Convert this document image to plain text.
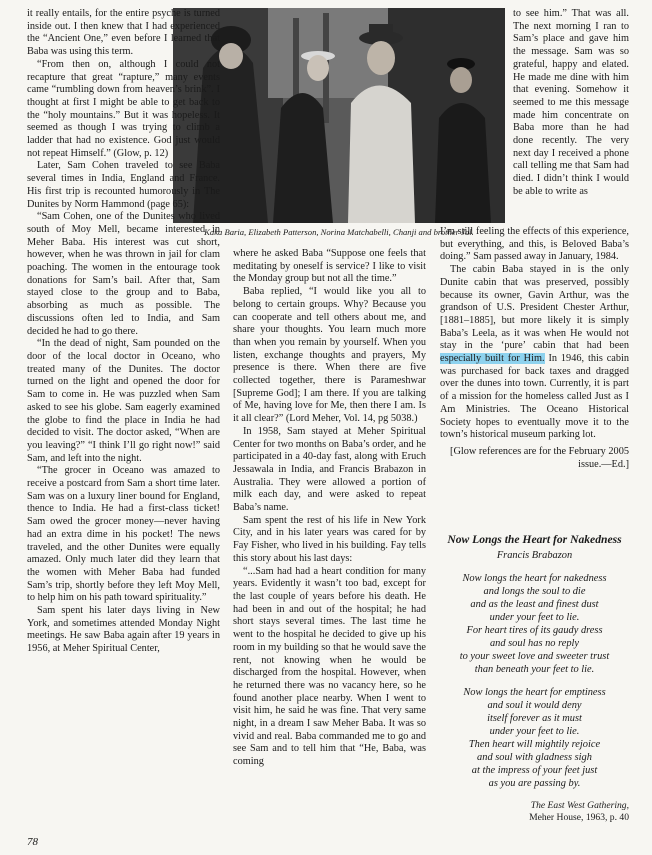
Kaka Baria, Elizabeth Patterson, Norina Matchabelli, Chanji and brother Jal.

it really entails, for the entire psyche is turned inside out. I then knew that I had experienced the “Ancient One,” even before I learned that Baba was using this term.

“From then on, although I could not recapture that great “rapture,” many events came “rumbling down from heaven’s brink”. I thought at first I might be able to get back to the “holy mountains.” But it was hopeless. It seemed as though I was trying to climb a ladder that had no existence. God just would not repeat Himself.” (Glow, p. 12)

Later, Sam Cohen traveled to see Baba several times in India, England and France. His first trip is recounted humorously in The Dunites by Norm Hammond (page 65):

“Sam Cohen, one of the Dunites who lived south of Moy Mell, became interested in Meher Baba. His interest was cut short, however, when he was thrown in jail for clam poaching. The women in the entourage took donations for Sam’s bail. After that, Sam stayed close to the group and to Baba, absorbing as much as possible. The discussions often led to India, and Sam decided he had to go there.

“In the dead of night, Sam pounded on the door of the local doctor in Oceano, who treated many of the Dunites. The doctor turned on the light and opened the door for Sam to come in. He was puzzled when Sam asked to see his globe. Sam eagerly examined the globe to find the place in India he had decided to visit. The doctor asked, “When are you leaving?” “I think I’ll go right now!” said Sam, and left into the night.

“The grocer in Oceano was amazed to receive a postcard from Sam a short time later. Sam was on a luxury liner bound for England, thence to India. He had a first-class ticket! Sam owed the grocer money—never having had an extra dime in his pocket! The news traveled, and the other Dunites were equally amazed. Only much later did they learn that the women with Meher Baba had funded Sam’s trip, shortly before they left Moy Mell, to help him on his path toward spirituality.”

Sam spent his later days living in New York, and sometimes attended Monday Night meetings. He saw Baba again after 19 years in 1956, at Meher Spiritual Center,

where he asked Baba “Suppose one feels that meditating by oneself is service? I like to visit the Monday group but not all the time.”

Baba replied, “I would like you all to belong to certain groups. Why? Because you can cooperate and tell others about me, and share your thoughts. You learn much more than when you remain by yourself. When you listen, exchange thoughts and prayers, My presence is there. When there are five collected together, there is Parameshwar [Supreme God]; I am there. If you are talking of Me, having love for Me, then there I am. Is it all clear?” (Lord Meher, Vol. 14, pg 5038.)

In 1958, Sam stayed at Meher Spiritual Center for two months on Baba’s order, and he participated in a 40-day fast, along with Eruch Jessawala in India, and Francis Brabazon in Australia. They were allowed a portion of milk each day, and were asked to repeat Baba’s name.

Sam spent the rest of his life in New York City, and in his later years was cared for by Fay Fisher, who lived in his building. Fay tells this story about his last days:

“...Sam had had a heart condition for many years. Evidently it wasn’t too bad, except for the last couple of years before his death. He had been in and out of the hospital; he had short stays several times. The last time he went to the hospital he decided to give up his room in my building so that he would save the rent, not knowing when he would be discharged from the hospital. However, when he returned there was no vacancy here, so he found another place nearby. When I went to visit him, he said he was fine. That very same night, in a dream I saw Meher Baba. It was so vivid and real. Baba commanded me to go and see Sam and to tell him that “He, Baba, was coming

to see him.” That was all. The next morning I ran to Sam’s place and gave him the message. Sam was so grateful, happy and elated. He made me dine with him that evening. Somehow it seemed to me this message made him concentrate on Baba more than he had done recently. The very next day I received a phone call telling me that Sam had died. I didn’t think I would be able to write as

I’m still feeling the effects of this experience, but everything, and this, is Beloved Baba’s doing.” Sam passed away in January, 1984.

The cabin Baba stayed in is the only Dunite cabin that was preserved, possibly because its owner, Gavin Arthur, was the grandson of U.S. President Chester Arthur, [1881–1885], but more likely it is simply Baba’s Leela, as it was when He would not stay in the ‘pure’ cabin that had been especially built for Him. In 1946, this cabin was purchased for back taxes and dragged over the dunes into town. Currently, it is part of a mission for the homeless called Just as I Am Ministries. The Oceano Historical Society hopes to eventually move it to the town’s historical museum parking lot.

[Glow references are for the February 2005 issue.—Ed.]

Now Longs the Heart for Nakedness
Francis Brabazon
Now longs the heart for nakedness
and longs the soul to die
and as the least and finest dust
under your feet to lie.
For heart tires of its gaudy dress
and soul has no reply
to your sweet love and sweeter trust
than beneath your feet to lie.
Now longs the heart for emptiness
and soul it would deny
itself forever as it must
under your feet to lie.
Then heart will mightily rejoice
and soul with gladness sigh
at the impress of your feet just
as you are passing by.
The East West Gathering,
Meher House, 1963, p. 40
78
